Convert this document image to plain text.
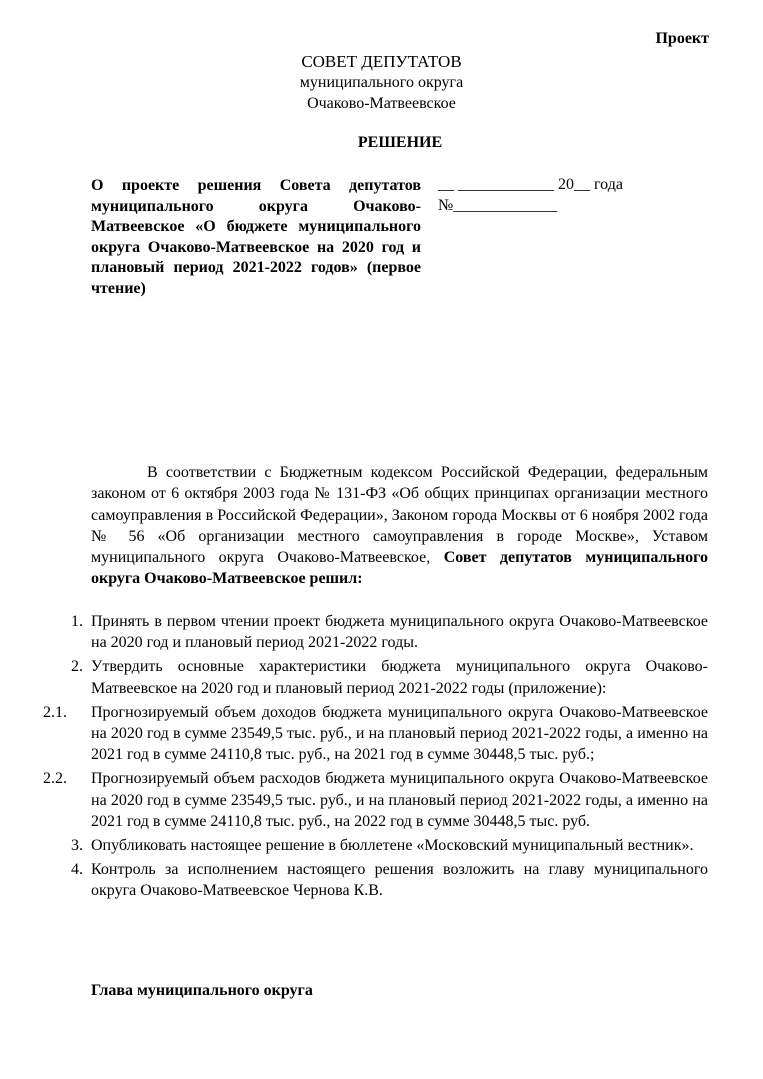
Проект
СОВЕТ ДЕПУТАТОВ
муниципального округа
Очаково-Матвеевское
РЕШЕНИЕ
О проекте решения Совета депутатов муниципального округа Очаково-Матвеевское «О бюджете муниципального округа Очаково-Матвеевское на 2020 год и плановый период 2021-2022 годов» (первое чтение)
__ ____________ 20__ года
№_____________
В соответствии с Бюджетным кодексом Российской Федерации, федеральным законом от 6 октября 2003 года № 131-ФЗ «Об общих принципах организации местного самоуправления в Российской Федерации», Законом города Москвы от 6 ноября 2002 года № 56 «Об организации местного самоуправления в городе Москве», Уставом муниципального округа Очаково-Матвеевское, Совет депутатов муниципального округа Очаково-Матвеевское решил:
1. Принять в первом чтении проект бюджета муниципального округа Очаково-Матвеевское на 2020 год и плановый период 2021-2022 годы.
2. Утвердить основные характеристики бюджета муниципального округа Очаково-Матвеевское на 2020 год и плановый период 2021-2022 годы (приложение):
2.1. Прогнозируемый объем доходов бюджета муниципального округа Очаково-Матвеевское на 2020 год в сумме 23549,5 тыс. руб., и на плановый период 2021-2022 годы, а именно на 2021 год в сумме 24110,8 тыс. руб., на 2021 год в сумме 30448,5 тыс. руб.;
2.2. Прогнозируемый объем расходов бюджета муниципального округа Очаково-Матвеевское на 2020 год в сумме 23549,5 тыс. руб., и на плановый период 2021-2022 годы, а именно на 2021 год в сумме 24110,8 тыс. руб., на 2022 год в сумме 30448,5 тыс. руб.
3. Опубликовать настоящее решение в бюллетене «Московский муниципальный вестник».
4. Контроль за исполнением настоящего решения возложить на главу муниципального округа Очаково-Матвеевское Чернова К.В.
Глава муниципального округа
